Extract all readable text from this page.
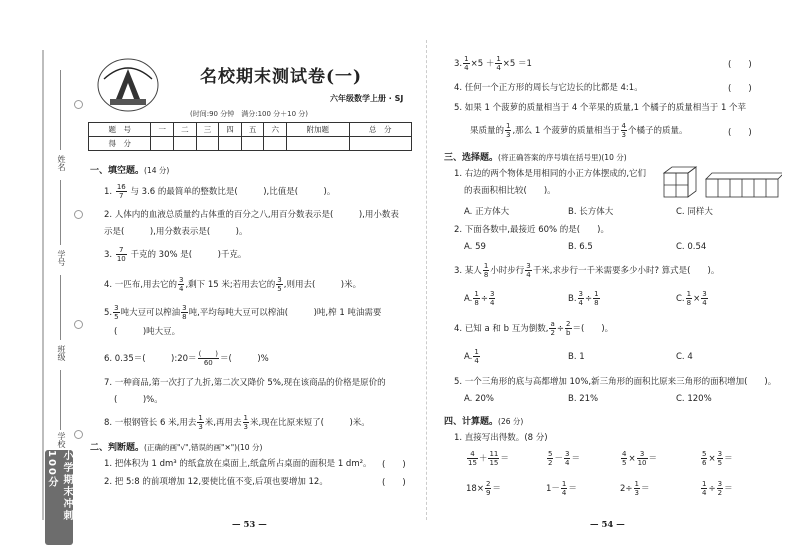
姓名
学号
班级
学校
小学期末冲刺100分
名校期末测试卷(一)
六年级数学上册 · SJ
(时间:90 分钟　满分:100 分＋10 分)
题　号	一	二	三	四	五	六	附加题	总　分
得　分								
一、填空题。(14 分)
1. $\frac{16}{7}$ 与 3.6 的最简单的整数比是(　　　),比值是(　　　)。
2. 人体内的血液总质量约占体重的百分之八,用百分数表示是(　　　),用小数表
示是(　　　),用分数表示是(　　　)。
3. $\frac{7}{10}$ 千克的 30% 是(　　　)千克。
4. 一匹布,用去它的 $\frac{3}{4}$ ,剩下 15 米;若用去它的 $\frac{3}{5}$ ,则用去(　　　)米。
5. $\frac{3}{5}$ 吨大豆可以榨油 $\frac{3}{8}$ 吨,平均每吨大豆可以榨油(　　　)吨,榨 1 吨油需要
(　　　)吨大豆。
6. 0.35＝(　　　):20＝ (　　)
60 ＝(　　　)%
7. 一种商品,第一次打了九折,第二次又降价 5%,现在该商品的价格是原价的
(　　　)%。
8. 一根钢管长 6 米,用去 $\frac{1}{3}$ 米,再用去 $\frac{1}{3}$ 米,现在比原来短了(　　　)米。
二、判断题。(正确的画"√",错误的画"✕")(10 分)
1. 把体积为 1 dm³ 的纸盒放在桌面上,纸盒所占桌面的面积是 1 dm²。 (　　)
2. 把 5:8 的前项增加 12,要使比值不变,后项也要增加 12。	(　　)
— 53 —
3. $\frac{1}{4} \times 5 + \frac{1}{4} \times 5 =1$	(　　)
4. 任何一个正方形的周长与它边长的比都是 4:1。	(　　)
5. 如果 1 个菠萝的质量相当于 4 个苹果的质量,1 个橘子的质量相当于 1 个苹
果质量的 $\frac{1}{3}$ ,那么 1 个菠萝的质量相当于 $\frac{4}{3}$ 个橘子的质量。	(　　)
三、选择题。(将正确答案的序号填在括号里)(10 分)
1. 右边的两个物体是用相同的小正方体摆成的,它们
的表面积相比较(　　)。
A. 正方体大	B. 长方体大	C. 同样大
2. 下面各数中,最接近 60% 的是(　　)。
A. 59	B. 6.5	C. 0.54
3. 某人 $\frac{1}{8}$ 小时步行 $\frac{3}{4}$ 千米,求步行一千米需要多少小时? 算式是(　　)。
A. $\frac{1}{8} \div \frac{3}{4}$	B. $\frac{3}{4} \div \frac{1}{8}$	C. $\frac{1}{8} \times \frac{3}{4}$
4. 已知 a 和 b 互为倒数, $\frac{a}{2} \div \frac{2}{b}$ ＝(　　)。
A. $\frac{1}{4}$	B. 1	C. 4
5. 一个三角形的底与高都增加 10%,新三角形的面积比原来三角形的面积增加(　　)。
A. 20%	B. 21%	C. 120%
四、计算题。(26 分)
1. 直接写出得数。(8 分)
$\frac{4}{15} + \frac{11}{15}$ ＝	$\frac{5}{2} - \frac{3}{4}$ ＝	$\frac{4}{5} \times \frac{3}{10}$ ＝	$\frac{5}{6} \times \frac{3}{5}$ ＝
$18\times \frac{2}{9}$ ＝	$1- \frac{1}{4}$ ＝	$2\div \frac{1}{3}$ ＝	$\frac{1}{4} \div \frac{3}{2}$ ＝
— 54 —
